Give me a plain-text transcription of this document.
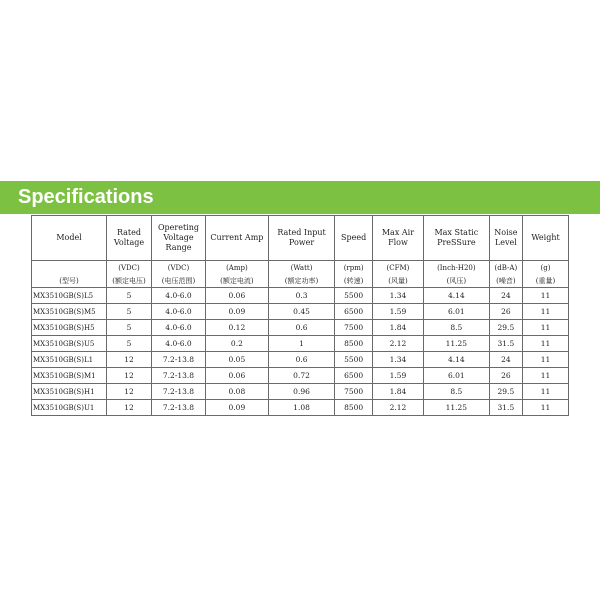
Specifications
Model	Rated Voltage	Opereting Voltage Range	Current Amp	Rated Input Power	Speed	Max Air Flow	Max Static PreSSure	Noise Level	Weight
	(VDC)	(VDC)	(Amp)	(Watt)	(rpm)	(CFM)	(Inch-H20)	(dB-A)	(g)
(型号)	(额定电压)	(电压范围)	(额定电流)	(额定功率)	(转速)	(风量)	(风压)	(噪音)	(重量)
MX3510GB(S)L5	5	4.0-6.0	0.06	0.3	5500	1.34	4.14	24	11
MX3510GB(S)M5	5	4.0-6.0	0.09	0.45	6500	1.59	6.01	26	11
MX3510GB(S)H5	5	4.0-6.0	0.12	0.6	7500	1.84	8.5	29.5	11
MX3510GB(S)U5	5	4.0-6.0	0.2	1	8500	2.12	11.25	31.5	11
MX3510GB(S)L1	12	7.2-13.8	0.05	0.6	5500	1.34	4.14	24	11
MX3510GB(S)M1	12	7.2-13.8	0.06	0.72	6500	1.59	6.01	26	11
MX3510GB(S)H1	12	7.2-13.8	0.08	0.96	7500	1.84	8.5	29.5	11
MX3510GB(S)U1	12	7.2-13.8	0.09	1.08	8500	2.12	11.25	31.5	11
